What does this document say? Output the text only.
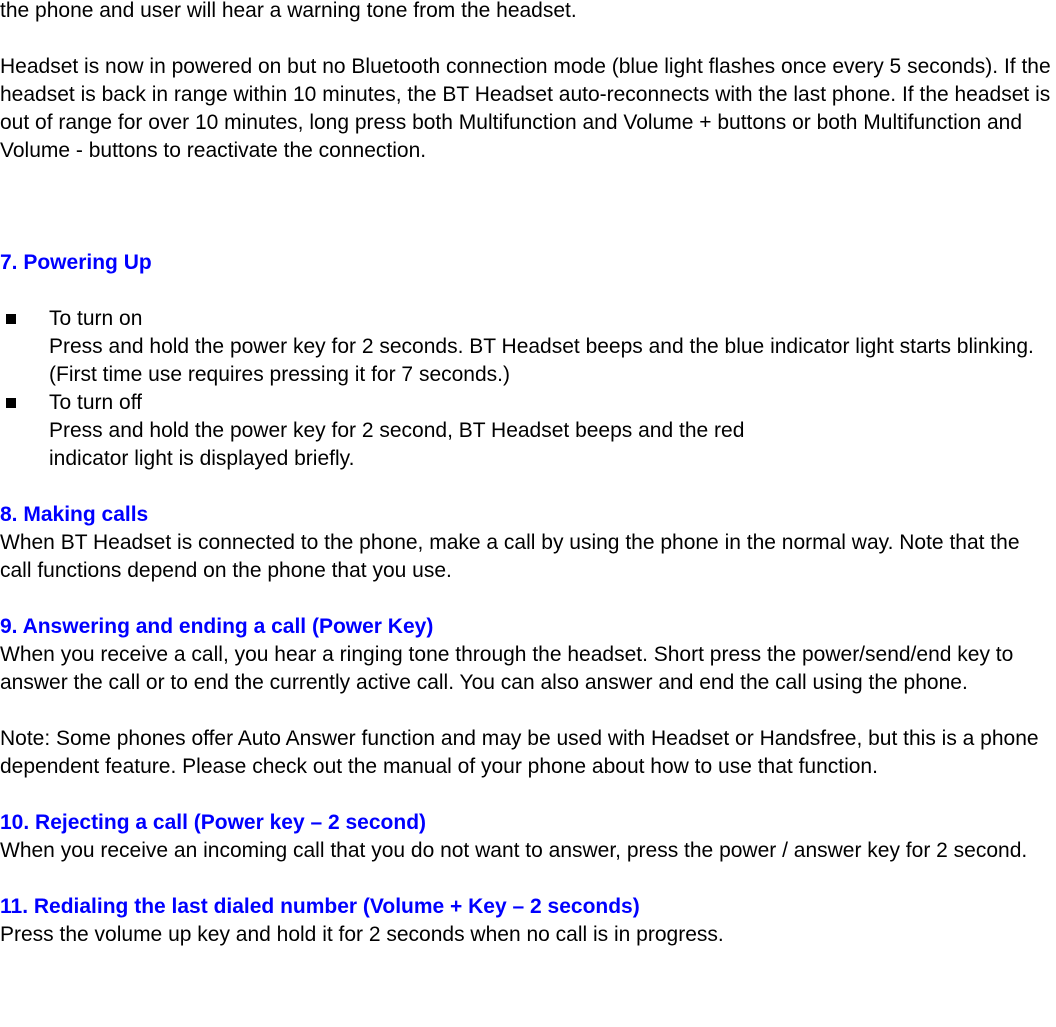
the phone and user will hear a warning tone from the headset.

Headset is now in powered on but no Bluetooth connection mode (blue light flashes once every 5 seconds). If the headset is back in range within 10 minutes, the BT Headset auto-reconnects with the last phone. If the headset is out of range for over 10 minutes, long press both Multifunction and Volume + buttons or both Multifunction and Volume - buttons to reactivate the connection.

7. Powering Up

To turn on
Press and hold the power key for 2 seconds. BT Headset beeps and the blue indicator light starts blinking. (First time use requires pressing it for 7 seconds.)
To turn off
Press and hold the power key for 2 second, BT Headset beeps and the red
indicator light is displayed briefly.

8. Making calls

When BT Headset is connected to the phone, make a call by using the phone in the normal way. Note that the call functions depend on the phone that you use.

9. Answering and ending a call (Power Key)

When you receive a call, you hear a ringing tone through the headset. Short press the power/send/end key to answer the call or to end the currently active call. You can also answer and end the call using the phone.

Note: Some phones offer Auto Answer function and may be used with Headset or Handsfree, but this is a phone dependent feature. Please check out the manual of your phone about how to use that function.

10. Rejecting a call (Power key – 2 second)

When you receive an incoming call that you do not want to answer, press the power / answer key for 2 second.

11. Redialing the last dialed number (Volume + Key – 2 seconds)

Press the volume up key and hold it for 2 seconds when no call is in progress.
